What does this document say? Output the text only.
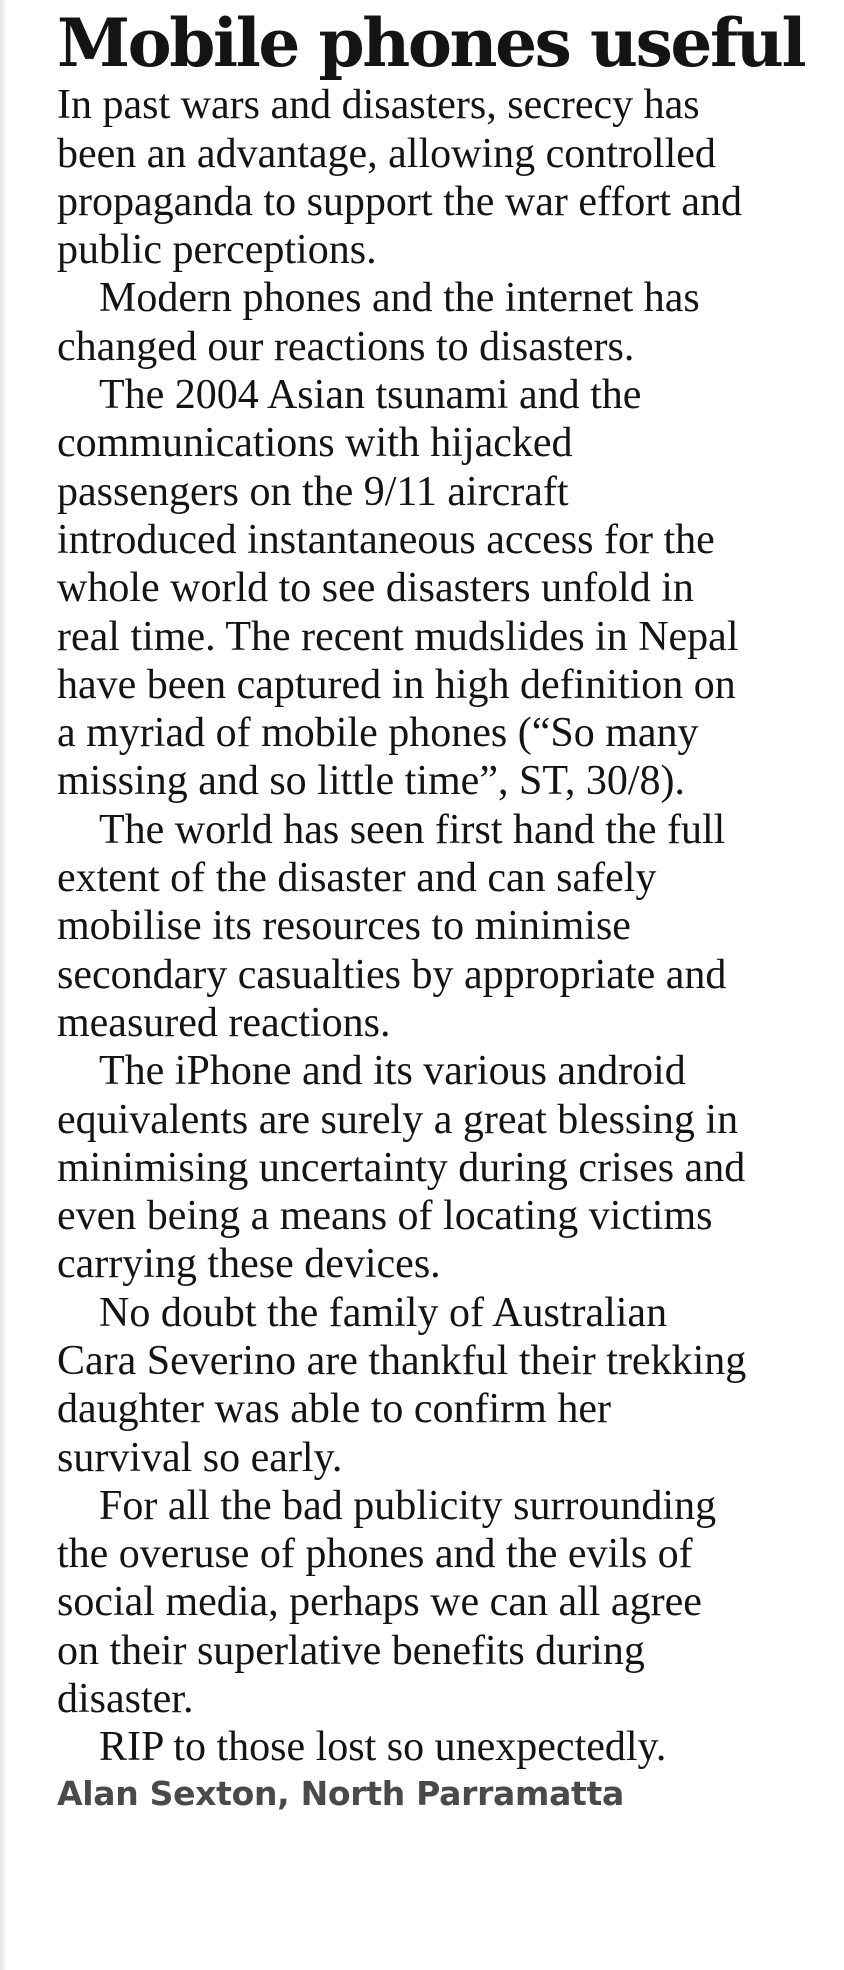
Mobile phones useful

In past wars and disasters, secrecy has been an advantage, allowing controlled propaganda to support the war effort and public perceptions.

Modern phones and the internet has changed our reactions to disasters.

The 2004 Asian tsunami and the communications with hijacked passengers on the 9/11 aircraft introduced instantaneous access for the whole world to see disasters unfold in real time. The recent mudslides in Nepal have been captured in high definition on a myriad of mobile phones (“So many missing and so little time”, ST, 30/8).

The world has seen first hand the full extent of the disaster and can safely mobilise its resources to minimise secondary casualties by appropriate and measured reactions.

The iPhone and its various android equivalents are surely a great blessing in minimising uncertainty during crises and even being a means of locating victims carrying these devices.

No doubt the family of Australian Cara Severino are thankful their trekking daughter was able to confirm her survival so early.

For all the bad publicity surrounding the overuse of phones and the evils of social media, perhaps we can all agree on their superlative benefits during disaster.

RIP to those lost so unexpectedly.

Alan Sexton, North Parramatta
